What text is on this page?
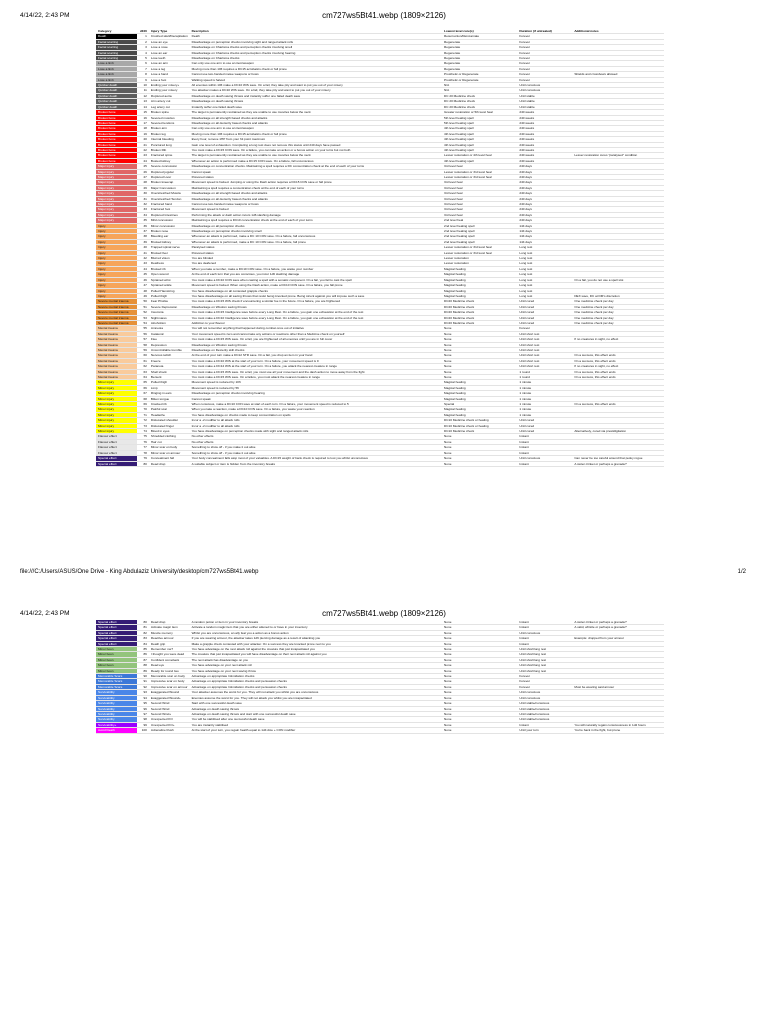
4/14/22, 2:43 PM	cm727ws5Bt41.webp (1809×2126)
Category	d100	Injury Type	Description	Lowest level cure(s)	Duration (if untreated)	Additional notes
Death	1	Crushed skull/Decapitation	Death	Resurrection/Reincarnate	Forever	
Facial scarring	2	Lose an eye	Disadvantage on perception checks involving sight and ranged attack rolls	Regenerate	Forever	
Facial scarring	3	Lose a nose	Disadvantage on Charisma checks and perception checks involving smell	Regenerate	Forever	
Facial scarring	4	Lose an ear	Disadvantage on Charisma checks and perception checks involving hearing	Regenerate	Forever	
Facial scarring	5	Lose teeth	Disadvantage on Charisma checks	Regenerate	Forever	
Lose a limb	6	Lose an arm	Can only use one arm to use an item/weapon	Regenerate	Forever	
Lose a limb	7	Lose a leg	Moving more than 10ft requires a DC15 acrobatics check or fall prone	Regenerate	Forever	
Lose a limb	8	Lose a hand	Cannot use two-handed melee weapons or bows	Prosthetic or Regenerate	Forever	Shields and crossbows allowed
Lose a limb	9	Lose a foot	Walking speed is halved	Prosthetic or Regenerate	Forever	
Quicker death	10	Ending your misery+	All enemies within 10ft make a DC10 WIS save. On a fail, they take pity and want to put you out of your misery	N/A	Until conscious	
Quicker death	11	Ending your misery	You attacker makes a DC10 WIS save. On a fail, they take pity and want to put you out of your misery	N/A	Until conscious	
Quicker death	12	Ruptured aorta	Disadvantage on death saving throws and instantly suffer one failed death save	DC 20 Medicine check	Until stable	
Quicker death	13	Arm artery cut	Disadvantage on death saving throws	DC 20 Medicine check	Until stable	
Quicker death	14	Leg artery cut	Instantly suffer one failed death save	DC 20 Medicine check	Until stable	
Broken bone	15	Broken spine	The target is permanently restrained as they are unable to use muscles below the neck	Greater restoration or 5th level heal	240 weeks	
Broken bone	16	Severed muscles	Disadvantage on all strength based checks and attacks	5th level healing spell	240 weeks	
Broken bone	17	Severed tendons	Disadvantage on all dexterity based checks and attacks	5th level healing spell	240 weeks	
Broken bone	18	Broken arm	Can only use one arm to use an item/weapon	4th level healing spell	240 weeks	
Broken bone	19	Broken leg	Moving more than 10ft requires a DC15 acrobatics check or fall prone	4th level healing spell	240 weeks	
Broken bone	20	Internal bleeding	Every hour, remove 1HP from your hit point maximum	4th level healing spell	240 weeks	
Broken bone	21	Punctured lung	Gain one level of exhaustion. Completing a long rest does not remove this status until 240 days have passed	4th level healing spell	240 weeks	
Broken bone	22	Broken Rib	You must make a DC15 CON save. On a failure, you can take an action or a bonus action on your turns but not both	4th level healing spell	240 weeks	
Broken bone	23	Fractured spine	The target is permanently restrained as they are unable to use muscles below the neck	Lesser restoration or 4th level heal	240 weeks	Lesser restoration cures "paralysed" condition
Broken bone	24	Busted kidney	Whenever an action is performed make a DC15 CON save. On a failure, fall unconscious	4th level healing spell	240 weeks	
Major injury	25	Severe concussion	Disadvantage on concentration checks. Maintaining a spell requires a DC concentration check at the end of each of your turns	3rd level heal	240 days	
Major injury	26	Ruptured jugular	Cannot speak	Lesser restoration or 3rd level heal	240 days	
Major injury	27	Ruptured Liver	Poisoned status	Lesser restoration or 3rd level heal	240 days	
Major injury	28	Broken kneecap	Movement speed is halved. Jumping or using the Dash action requires a DC15 CON save or fall prone	3rd level heal	240 days	
Major injury	29	Major Concussion	Maintaining a spell requires a concentration check at the end of each of your turns	3rd level heal	240 days	
Major injury	30	Overstretched Muscle	Disadvantage on all strength based checks and attacks	3rd level heal	240 days	
Major injury	31	Overstretched Tendon	Disadvantage on all dexterity based checks and attacks	3rd level heal	240 days	
Major injury	32	Fractured hand	Cannot use two-handed melee weapons or bows	3rd level heal	240 days	
Major injury	33	Fractured foot	Movement speed is halved	3rd level heal	240 days	
Major injury	34	Ruptured Intestines	Performing the attack or dash action incurs 1d6 slashing damage	3rd level heal	240 days	
Major injury	35	Mild concussion	Maintaining a spell requires a DC10 concentration check at the end of each of your turns	2nd level heal	240 days	
Injury	36	Minor concussion	Disadvantage on all perception checks	2nd level healing spell	144 days	
Injury	37	Broken nose	Disadvantage on perception checks involving smell	2nd level healing spell	144 days	
Injury	38	Bleeding ear	Whenever an attack is performed, make a DC 10 CON save. On a failure, fall unconscious	2nd level healing spell	144 days	
Injury	39	Bruised kidney	Whenever an attack is performed, make a DC 10 CON save. On a failure, fall prone	2nd level healing spell	144 days	
Injury	40	Trapped spinal nerve	Paralysed status	Lesser restoration or 3rd level heal	Long rest	
Injury	41	Bruised liver	Poisoned status	Lesser restoration or 3rd level heal	Long rest	
Injury	42	Blurred vision	You are blinded	Lesser restoration	Long rest	
Injury	43	Deafness	You are deafened	Lesser restoration	Long rest	
Injury	44	Bruised rib	When you take a number, make a DC10 CON save. On a failure, you waste your number	Magical healing	Long rest	
Injury	45	Open wound	At the end of each turn that you are conscious, you incur 1d6 slashing damage	Magical healing	Long rest	
Injury	46	Sprained wrist	You must make a DC10 CON save when casting a spell with a somatic component. On a fail, you fail to cast the spell	Magical healing	Long rest	On a fail, you do not use a spell slot
Injury	47	Sprained ankle	Movement speed is halved. When using the Dash action, make a DC10 CON save. On a failure, you fall prone	Magical healing	Long rest	
Injury	48	Pulled Hamstring	You have disadvantage on all contested grapple checks	Magical healing	Long rest	
Injury	49	Pulled thigh	You have disadvantage on all saving throws that resist being knocked prone. Being struck against you will impose such a save	Magical healing	Long rest	DEX save, DC at DM's discretion
Severe mental trauma	50	Fear Phobia	You must make a DC15 WIS check if encountering a similar foe in the future. On a failure, you are frightened	DC20 Medicine check	Until cured	One medicine check per day
Severe mental trauma	51	Severe Depression	Disadvantage on Wisdom saving throws	DC20 Medicine check	Until cured	One medicine check per day
Severe mental trauma	52	Insomnia	You must make a DC15 Intelligence save before every Long Rest. On a failure, you gain one exhaustion at the end of the rest	DC20 Medicine check	Until cured	One medicine check per day
Severe mental trauma	53	Nightmares	You must make a DC10 Intelligence save before every Long Rest. On a failure, you gain one exhaustion at the end of the rest	DC20 Medicine check	Until cured	One medicine check per day
Severe mental trauma	54	Alcoholism	Addiction to your flavour	DC20 Medicine check	Until cured	One medicine check per day
Mental trauma	55	Amnesia	You will not remember anything that happened during combat once out of initiative	None	Forever	
Mental trauma	56	Catatonic	Your movement speed is zero and cannot take any actions or reactions other than a Medicine check on yourself	None	Until short rest	
Mental trauma	57	Flee	You must make a DC15 WIS save. On a fail, you are frightened of all enemies until you are in full cover	None	Until short rest	If no creatures in sight, no effect
Mental trauma	58	Depression	Disadvantage on Wisdom saving throws	None	Until short rest	
Mental trauma	59	Uncontrollable tremble	Disadvantage on Dexterity skill checks	None	Until short rest	
Mental trauma	60	Nervous twitch	At the end of your turn make a DC12 STR save. On a fail, you drop an item in your hand	None	Until short rest	On a success, this effect ends
Mental trauma	61	Freeze	You must make a DC10 WIS at the start of your turn. On a failure, your movement speed is 0	None	Until short rest	On a success, this effect ends
Mental trauma	62	Paranoia	You must make a DC12 WIS at the start of your turn. On a failure, you attack the nearest creature in range	None	Until short rest	If no creatures in sight, no effect
Mental trauma	63	Shell shock	You must make a DC15 WIS save. On a fail, you must use all your movement and the dash action to move away from the fight	None	1 round	On a success, this effect ends
Mental trauma	64	Berserk	You must make a DC15 WIS save. On a failure, you must attack the nearest creature in range	None	1 round	On a success, this effect ends
Minor injury	65	Pulled thigh	Movement speed is reduced by 10ft	Magical healing	1 minute	
Minor injury	66	Limp	Movement speed is reduced by 5ft	Magical healing	1 minute	
Minor injury	67	Ringing in ears	Disadvantage on perception checks involving hearing	Magical healing	1 minute	
Minor injury	68	Bitten tongue	Cannot speak	Magical healing	1 minute	
Minor injury	69	Cracked rib	When conscious, make a DC10 CON save at start of each turn. On a failure, your movement speed is reduced to 5	Special	1 minute	On a success, this effect ends
Minor injury	70	Painful scar	When you take a reaction, make a DC10 CON save. On a failure, you waste your reaction	Magical healing	1 minute	
Minor injury	71	Headache	You have disadvantage on checks made to keep concentration on spells	Magical healing	1 minute	
Minor injury	72	Dislocated shoulder	Incur a -2 modifier to all attack rolls	DC10 Medicine check or healing	Until cured	
Minor injury	73	Dislocated finger	Incur a -2 modifier to all attack rolls	DC10 Medicine check or healing	Until cured	
Minor injury	74	Blood in eyes	You have disadvantage on perception checks made with sight and ranged attack rolls	DC10 Medicine check	Until cured	Alternatively, cured via prestidigitation
Flavour effect	75	Shredded clothing	No other effects	None	Instant	
Flavour effect	76	Hair cut	No other effects	None	Instant	
Flavour effect	77	Minor scar on body	Something to show off - if you make it out alive	None	Instant	
Flavour effect	78	Minor scar on armour	Something to show off - if you make it out alive	None	Instant	
Special effect	79	Concealment fall	Your body concealment falls atop most of your valuables. A DC15 weight of bank check is required to loot you whilst unconscious	None	Until conscious	Can never be too careful around that pesky rogue
Special effect	80	Dead drop	A suitable subject or item is hidden from the inventory breaks	None	Instant	A stolen trinket or perhaps a grenade?
file:///C:/Users/ASUS/One Drive - King Abdulaziz University/desktop/cm727ws5Bt41.webp	1/2
4/14/22, 2:43 PM	cm727ws5Bt41.webp (1809×2126)
Special effect	80	Dead drop	A random potion or item in your inventory breaks	None	Instant	A stolen trinket or perhaps a grenade?
Special effect	81	Activate magic item	Activate a random magic item that you are either attuned to or have in your inventory	None	Instant	A valid, whistle or perhaps a grenade?
Special effect	82	Muscle memory	Whilst you are unconscious, an ally feat you a action as a bonus action	None	Until conscious	
Special effect	83	Reactive armour	If you are wearing armour, the attacker takes 1d6 piercing damage as a result of attacking you	None	Instant	Example: dropped from your armour
Special effect	84	Death grip	Make a grapple check contested with your attacker. On a success they are knocked prone next to you	None	Instant	
Minor boon	85	Remember me?	You have advantage on the next attack roll against the creature that just incapacitated you	None	Until short/long rest	
Minor boon	86	I thought you were dead	The creature that just incapacitated you will have disadvantage on their next attack roll against you	None	Until short/long rest	
Minor boon	87	Confident comeback	The next attack has disadvantage on you	None	Until short/long rest	
Minor boon	88	Dead eye	You have advantage on your next attack roll	None	Until short/long rest	
Minor boon	89	Ready for round two	You have advantage on your next saving throw	None	Until short/long rest	
Memorable Scars	90	Memorable scar on body	Advantage on appropriate Intimidation checks	None	Forever	
Memorable Scars	91	Impressive scar on body	Advantage on appropriate Intimidation checks and persuasion checks	None	Forever	
Memorable Scars	92	Impressive scar on armour	Advantage on appropriate Intimidation checks and persuasion checks	None	Forever	Must be wearing said armour
Survivability	93	Exaggerated Wound	Your attacker assumes the worst for you. They will not attack you whilst you are unconscious	None	Until conscious	
Survivability	94	Exaggerated Wound+	Enemies assume the worst for you. They will not attack you whilst you are incapacitated	None	Until conscious	
Survivability	95	Second Wind	Start with one successful death save	None	Until stable/conscious	
Survivability	96	Second Wind	Advantage on death saving throws	None	Until stable/conscious	
Survivability	97	Second Wind+	Advantage on death saving throws and start with one successful death save	None	Until stable/conscious	
Survivability	98	Unexpected KO	You will be stabilised after one successful death save	None	Until stable/conscious	
Survivability+	99	Unexpected KO+	You are instantly stabilised	None	Instant	You will naturally regain consciousness in 1d4 hours
Avoid Death	100	Adrenaline Rush	At the start of your turn, you regain health equal to 1d4 dice + CON modifier	None	Until your turn	You're back in the fight, but prone
